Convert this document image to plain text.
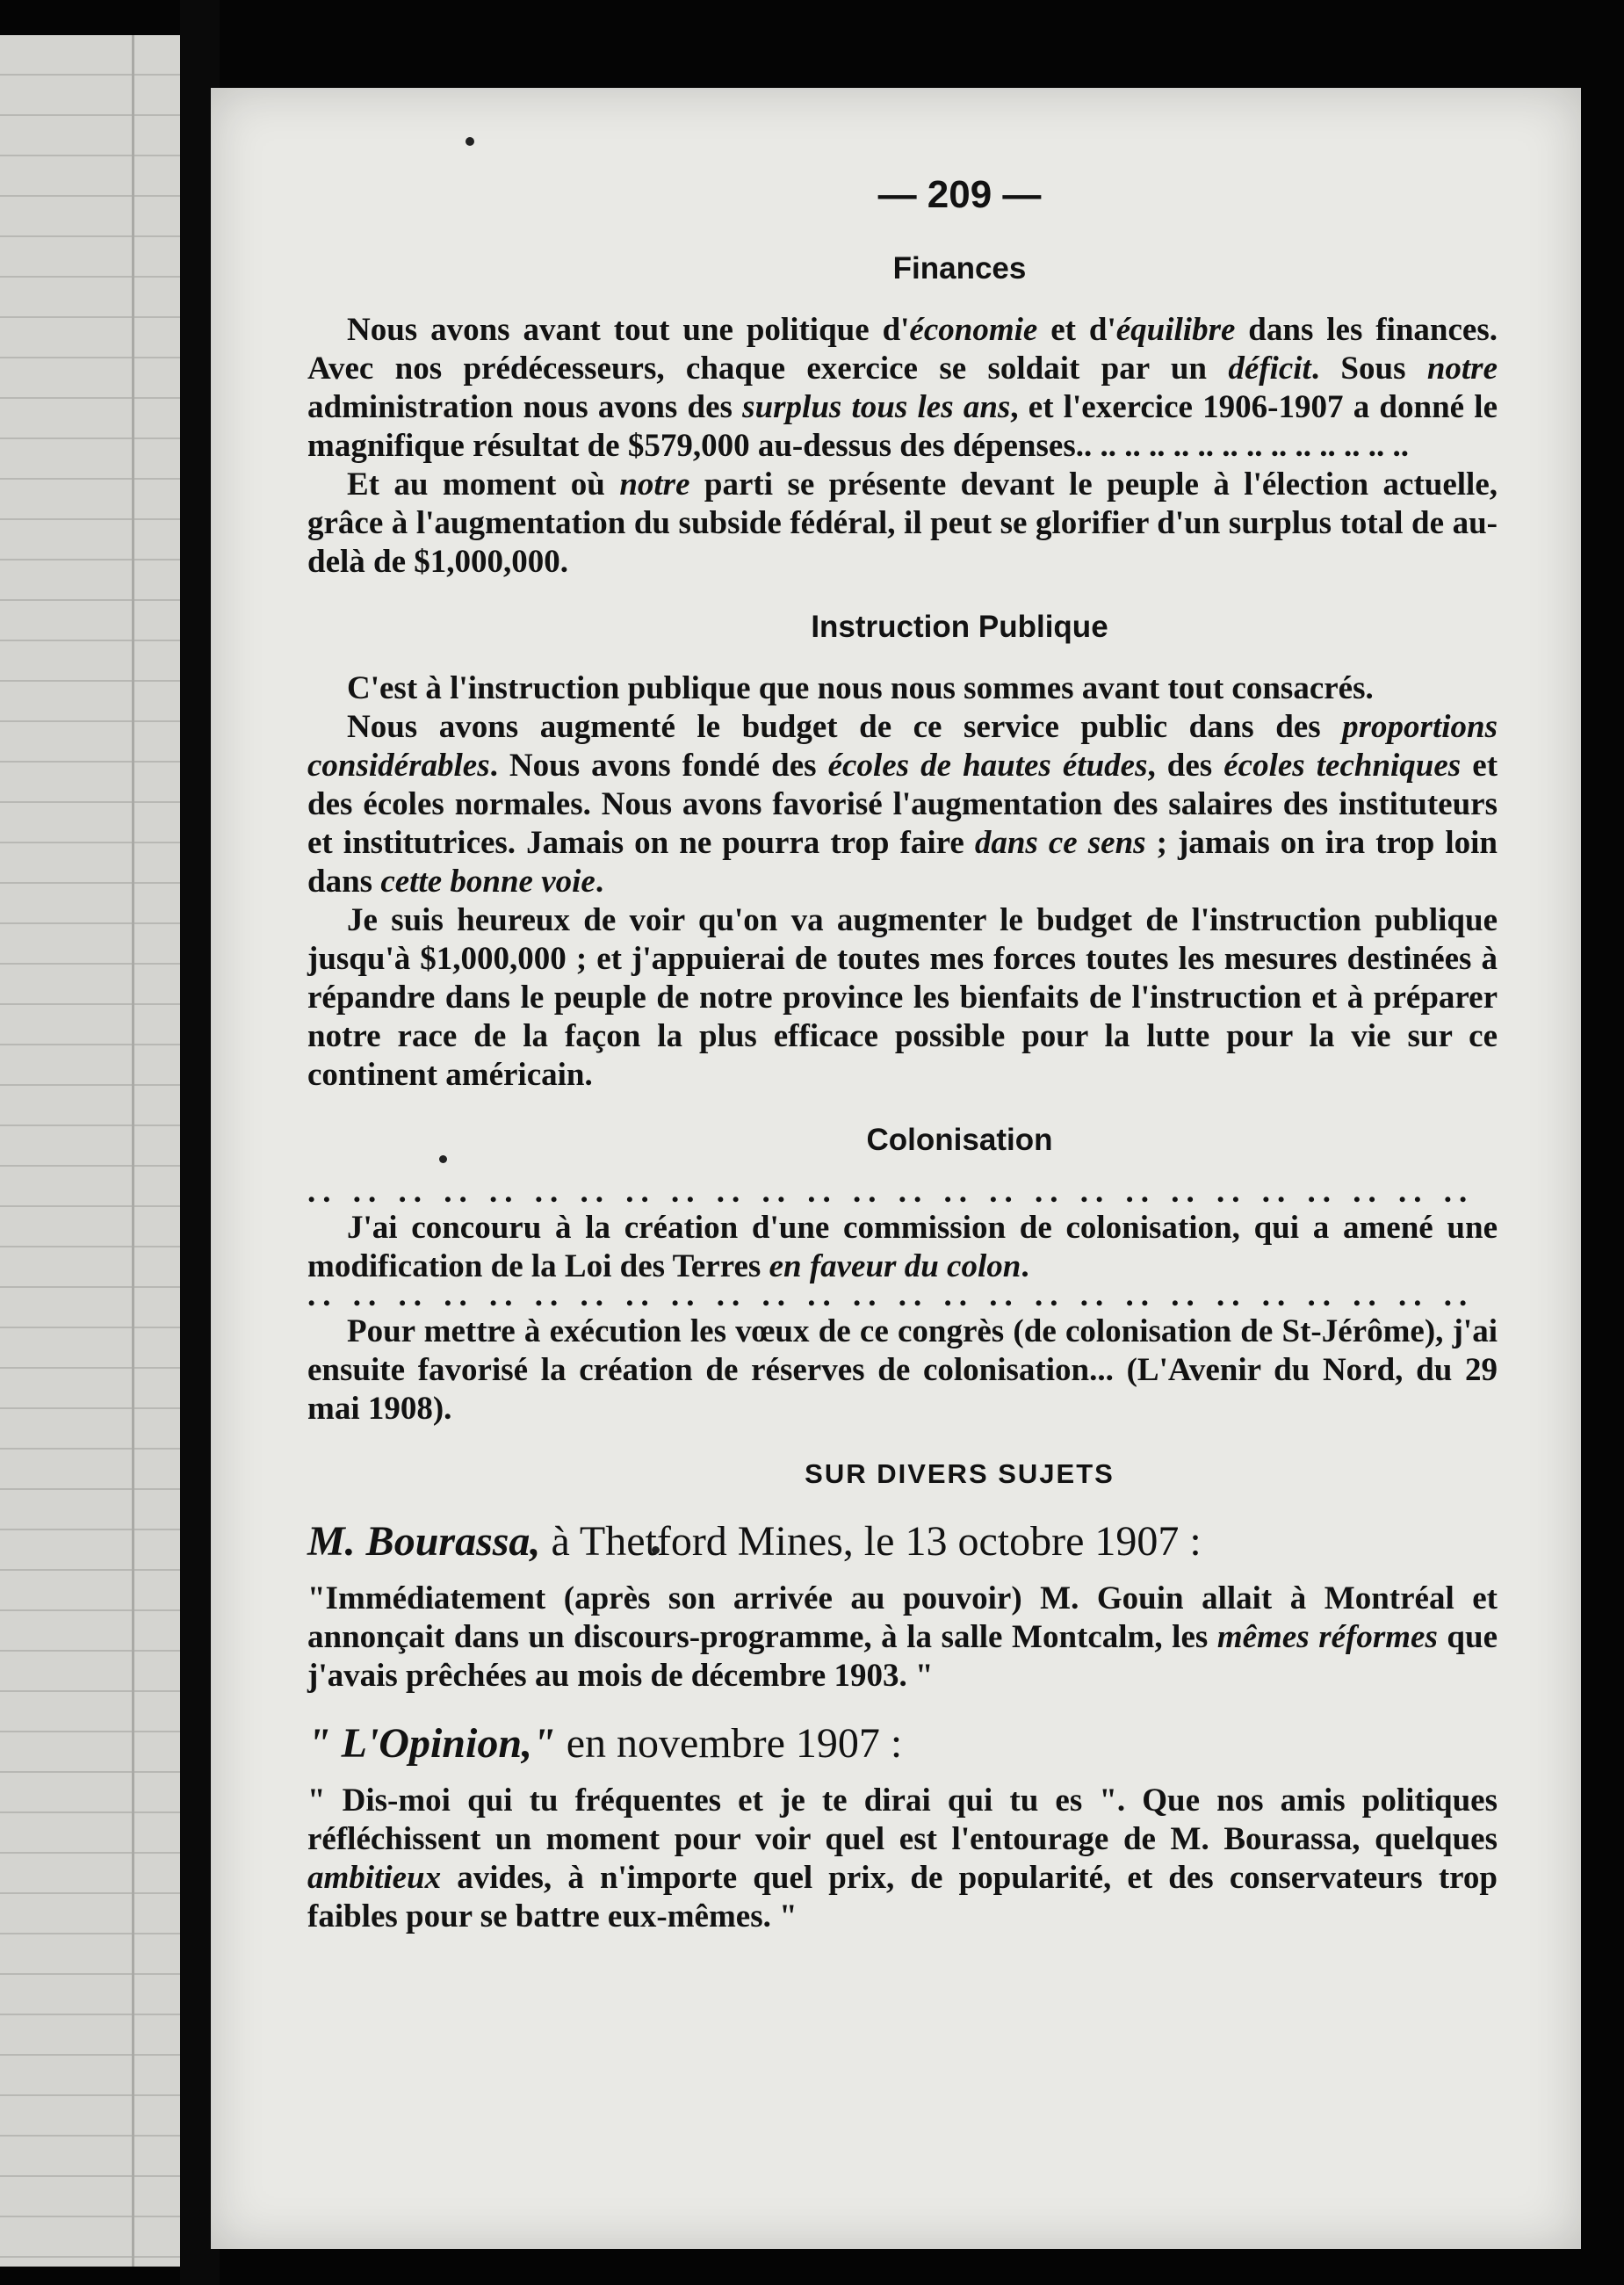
— 209 —
Finances

Nous avons avant tout une politique d'économie et d'équilibre dans les finances. Avec nos prédécesseurs, chaque exercice se soldait par un déficit. Sous notre administration nous avons des surplus tous les ans, et l'exercice 1906-1907 a donné le magnifique résultat de $579,000 au-dessus des dépenses.. .. .. .. .. .. .. .. .. .. .. .. .. ..

Et au moment où notre parti se présente devant le peuple à l'élection actuelle, grâce à l'augmentation du subside fédéral, il peut se glorifier d'un surplus total de au-delà de $1,000,000.

Instruction Publique

C'est à l'instruction publique que nous nous sommes avant tout consacrés.

Nous avons augmenté le budget de ce service public dans des proportions considérables. Nous avons fondé des écoles de hautes études, des écoles techniques et des écoles normales. Nous avons favorisé l'augmentation des salaires des instituteurs et institutrices. Jamais on ne pourra trop faire dans ce sens ; jamais on ira trop loin dans cette bonne voie.

Je suis heureux de voir qu'on va augmenter le budget de l'instruction publique jusqu'à $1,000,000 ; et j'appuierai de toutes mes forces toutes les mesures destinées à répandre dans le peuple de notre province les bienfaits de l'instruction et à préparer notre race de la façon la plus efficace possible pour la lutte pour la vie sur ce continent américain.

Colonisation
.. .. .. .. .. .. .. .. .. .. .. .. .. .. .. .. .. .. .. .. .. .. .. .. .. ..

J'ai concouru à la création d'une commission de colonisation, qui a amené une modification de la Loi des Terres en faveur du colon.

.. .. .. .. .. .. .. .. .. .. .. .. .. .. .. .. .. .. .. .. .. .. .. .. .. ..

Pour mettre à exécution les vœux de ce congrès (de colonisation de St-Jérôme), j'ai ensuite favorisé la création de réserves de colonisation... (L'Avenir du Nord, du 29 mai 1908).

SUR DIVERS SUJETS
M. Bourassa, à Thetford Mines, le 13 octobre 1907 :

"Immédiatement (après son arrivée au pouvoir) M. Gouin allait à Montréal et annonçait dans un discours-programme, à la salle Montcalm, les mêmes réformes que j'avais prêchées au mois de décembre 1903. "

" L'Opinion," en novembre 1907 :

" Dis-moi qui tu fréquentes et je te dirai qui tu es ". Que nos amis politiques réfléchissent un moment pour voir quel est l'entourage de M. Bourassa, quelques ambitieux avides, à n'importe quel prix, de popularité, et des conservateurs trop faibles pour se battre eux-mêmes. "
